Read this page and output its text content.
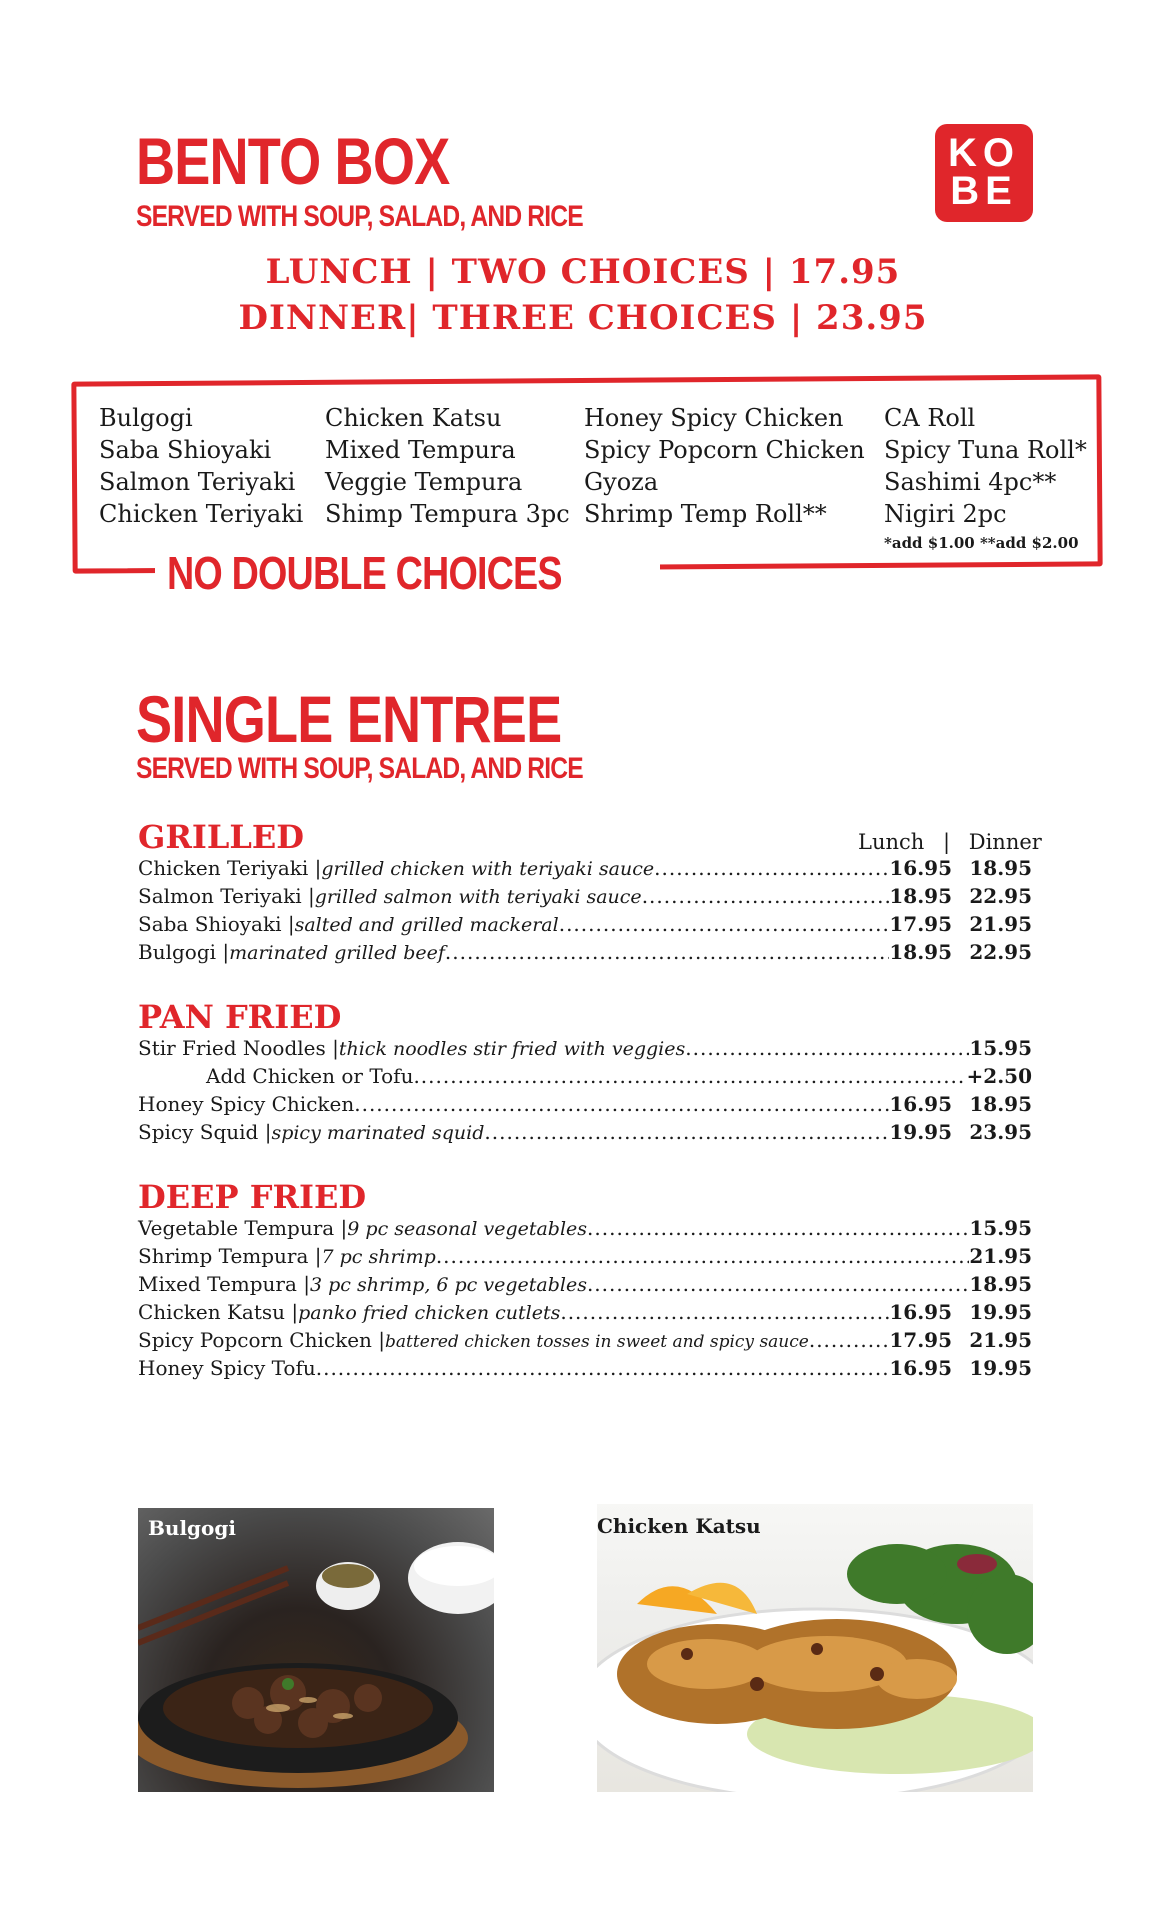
BENTO BOX
SERVED WITH SOUP, SALAD, AND RICE
KO
BE
LUNCH | TWO CHOICES | 17.95
DINNER| THREE CHOICES | 23.95
Bulgogi
Saba Shioyaki
Salmon Teriyaki
Chicken Teriyaki
Chicken Katsu
Mixed Tempura
Veggie Tempura
Shimp Tempura 3pc
Honey Spicy Chicken
Spicy Popcorn Chicken
Gyoza
Shrimp Temp Roll**
CA Roll
Spicy Tuna Roll*
Sashimi 4pc**
Nigiri 2pc
*add $1.00 **add $2.00
NO DOUBLE CHOICES
SINGLE ENTREE
SERVED WITH SOUP, SALAD, AND RICE
Lunch | Dinner
GRILLED
Chicken Teriyaki | grilled chicken with teriyaki sauce .....	16.95 18.95
Salmon Teriyaki | grilled salmon with teriyaki sauce .....	18.95 22.95
Saba Shioyaki | salted and grilled mackeral .....	17.95 21.95
Bulgogi | marinated grilled beef .....	18.95 22.95
PAN FRIED
Stir Fried Noodles | thick noodles stir fried with veggies .....	15.95
Add Chicken or Tofu .....	+2.50
Honey Spicy Chicken .....	16.95 18.95
Spicy Squid | spicy marinated squid .....	19.95 23.95
DEEP FRIED
Vegetable Tempura | 9 pc seasonal vegetables .....	15.95
Shrimp Tempura | 7 pc shrimp .....	21.95
Mixed Tempura | 3 pc shrimp, 6 pc vegetables .....	18.95
Chicken Katsu | panko fried chicken cutlets .....	16.95 19.95
Spicy Popcorn Chicken | battered chicken tosses in sweet and spicy sauce .....	17.95 21.95
Honey Spicy Tofu .....	16.95 19.95
Bulgogi	Chicken Katsu
